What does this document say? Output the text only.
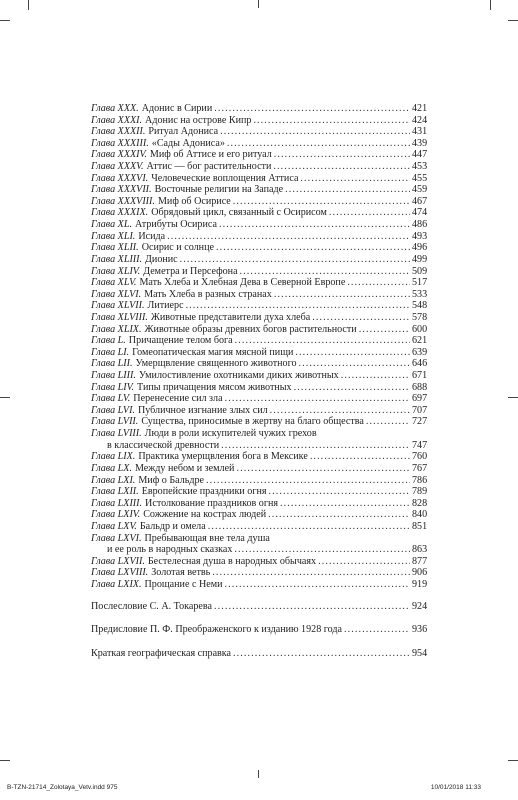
Глава XXX. Адонис в Сирии .....	421
Глава XXXI. Адонис на острове Кипр .....	424
Глава XXXII. Ритуал Адониса .....	431
Глава XXXIII. «Сады Адониса» .....	439
Глава XXXIV. Миф об Аттисе и его ритуал .....	447
Глава XXXV. Аттис — бог растительности .....	453
Глава XXXVI. Человеческие воплощения Аттиса .....	455
Глава XXXVII. Восточные религии на Западе .....	459
Глава XXXVIII. Миф об Осирисе .....	467
Глава XXXIX. Обрядовый цикл, связанный с Осирисом .....	474
Глава XL. Атрибуты Осириса .....	486
Глава XLI. Исида .....	493
Глава XLII. Осирис и солнце .....	496
Глава XLIII. Дионис .....	499
Глава XLIV. Деметра и Персефона .....	509
Глава XLV. Мать Хлеба и Хлебная Дева в Северной Европе .....	517
Глава XLVI. Мать Хлеба в разных странах .....	533
Глава XLVII. Литиерс .....	548
Глава XLVIII. Животные представители духа хлеба .....	578
Глава XLIX. Животные образы древних богов растительности .....	600
Глава L. Причащение телом бога .....	621
Глава LI. Гомеопатическая магия мясной пищи .....	639
Глава LII. Умерщвление священного животного .....	646
Глава LIII. Умилостивление охотниками диких животных .....	671
Глава LIV. Типы причащения мясом животных .....	688
Глава LV. Перенесение сил зла .....	697
Глава LVI. Публичное изгнание злых сил .....	707
Глава LVII. Существа, приносимые в жертву на благо общества .....	727
Глава LVIII. Люди в роли искупителей чужих грехов
в классической древности .....	747
Глава LIX. Практика умерщвления бога в Мексике .....	760
Глава LX. Между небом и землей .....	767
Глава LXI. Миф о Бальдре .....	786
Глава LXII. Европейские праздники огня .....	789
Глава LXIII. Истолкование праздников огня .....	828
Глава LXIV. Сожжение на кострах людей .....	840
Глава LXV. Бальдр и омела .....	851
Глава LXVI. Пребывающая вне тела душа
и ее роль в народных сказках .....	863
Глава LXVII. Бестелесная душа в народных обычаях .....	877
Глава LXVIII. Золотая ветвь .....	906
Глава LXIX. Прощание с Неми .....	919
Послесловие С. А. Токарева .....	924
Предисловие П. Ф. Преображенского к изданию 1928 года .....	936
Краткая географическая справка .....	954
B-TZN-21714_Zolotaya_Vetv.indd 975	10/01/2018 11:33
